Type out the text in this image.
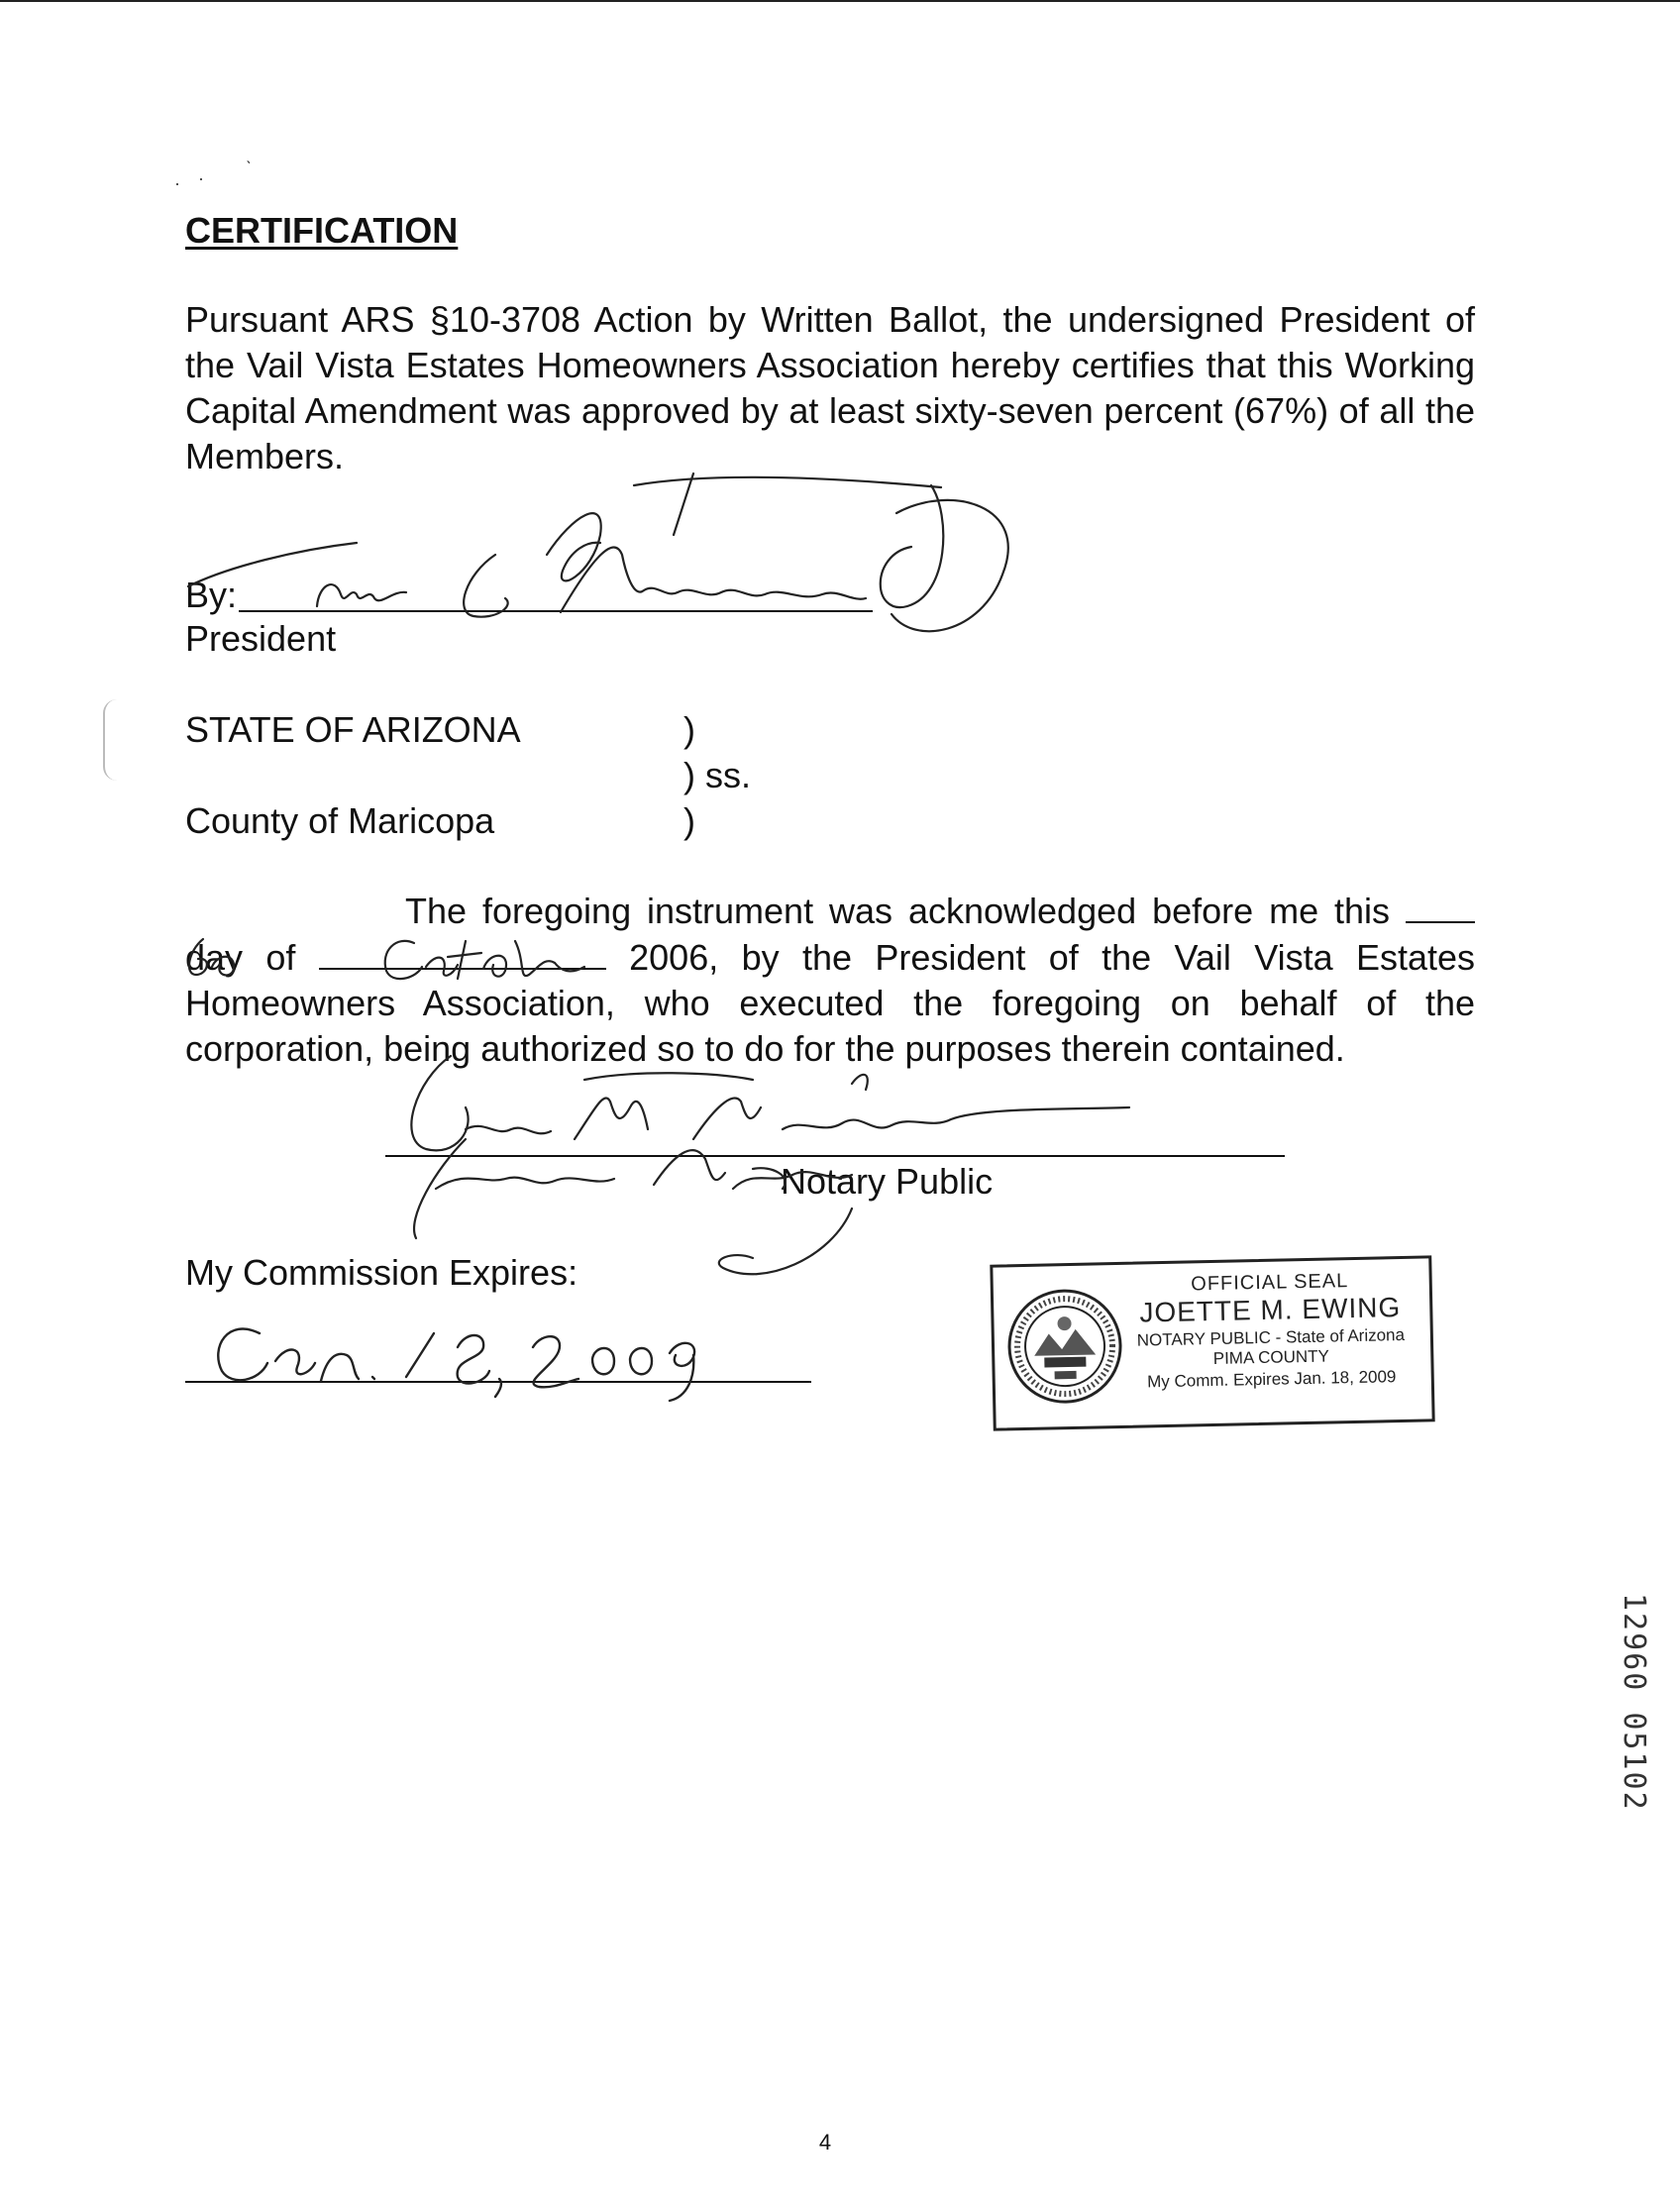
· · ˋ
CERTIFICATION
Pursuant ARS §10-3708 Action by Written Ballot, the undersigned President of the Vail Vista Estates Homeowners Association hereby certifies that this Working Capital Amendment was approved by at least sixty-seven percent (67%) of all the Members.
By:
President
STATE OF ARIZONA	)
) ss.
County of Maricopa	)
The foregoing instrument was acknowledged before me this  day of	2006, by the President of the Vail Vista Estates Homeowners Association, who executed the foregoing on behalf of the corporation, being authorized so to do for the purposes therein contained.
Notary Public
My Commission Expires:	OFFICIAL SEAL
JOETTE M. EWING
NOTARY PUBLIC - State of Arizona
PIMA COUNTY
My Comm. Expires Jan. 18, 2009
12960 05102
4
